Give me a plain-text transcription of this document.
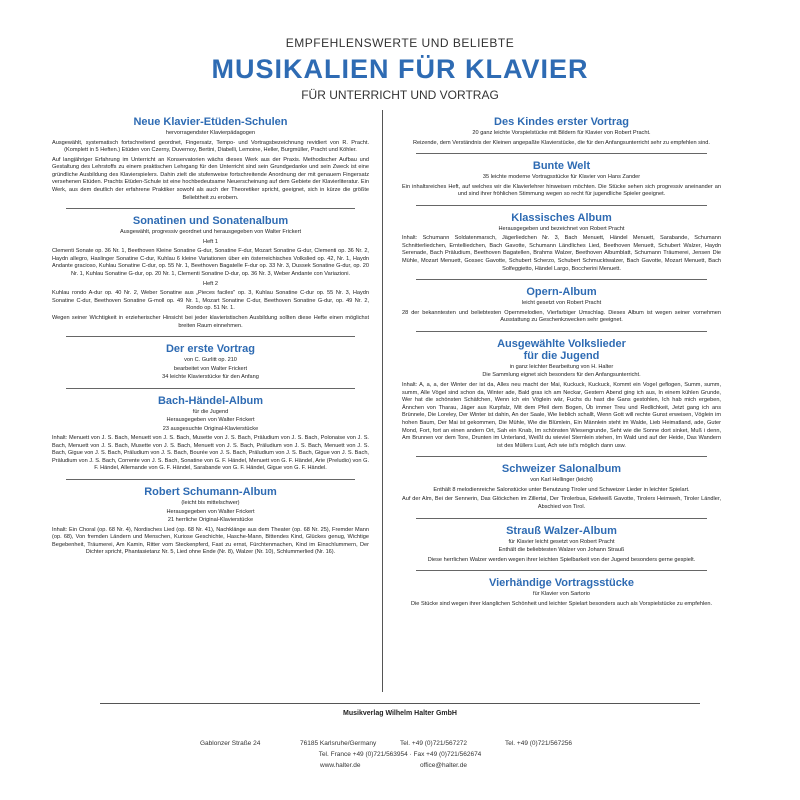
EMPFEHLENSWERTE UND BELIEBTE
MUSIKALIEN FÜR KLAVIER
FÜR UNTERRICHT UND VORTRAG
Neue Klavier-Etüden-Schulen
hervorragendster Klavierpädagogen
Ausgewählt, systematisch fortschreitend geordnet, Fingersatz, Tempo- und Vortragsbezeichnung revidiert von R. Pracht. (Komplett in 5 Heften.) Etüden von Czerny, Duvernoy, Bertini, Diabelli, Lemoine, Heller, Burgmüller, Pracht und Köhler.
Auf langjähriger Erfahrung im Unterricht an Konservatorien wächs dieses Werk aus der Praxis. Methodischer Aufbau und Gestaltung des Lehrstoffs zu einem praktischen Lehrgang für den Unterricht sind sein Grundgedanke und sein Zweck ist eine gründliche Ausbildung des Klavierspielers. Dahin zielt die stufenweise fortschreitende Anordnung der mit genauem Fingersatz versehenen Etüden. Prachts Etüden-Schule ist eine hochbedeutsame Neuerscheinung auf dem Gebiete der Klavierliteratur. Ein Werk, aus dem deutlich der erfahrene Praktiker sowohl als auch der Theoretiker spricht, geeignet, sich in kürze die größte Beliebtheit zu erobern.
Sonatinen und Sonatenalbum
Ausgewählt, progressiv geordnet und herausgegeben von Walter Frickert
Heft 1
Clementi Sonate op. 36 Nr. 1, Beethoven Kleine Sonatine G-dur, Sonatine F-dur, Mozart Sonatine G-dur, Clementi op. 36 Nr. 2, Haydn allegro, Haslinger Sonatine C-dur, Kuhlau 6 kleine Variationen über ein österreichisches Volkslied op. 42, Nr. 1, Haydn Andante gracioso, Kuhlau Sonatine C-dur, op. 55 Nr. 1, Beethoven Bagatelle F-dur op. 33 Nr. 3, Dussek Sonatine G-dur, op. 20 Nr. 1, Kuhlau Sonatine G-dur, op. 20 Nr. 1, Clementi Sonatine D-dur, op. 36 Nr. 3, Weber Andante con Variazioni.
Heft 2
Kuhlau rondo A-dur op. 40 Nr. 2, Weber Sonatine aus „Pieces faciles" op. 3, Kuhlau Sonatine C-dur op. 55 Nr. 3, Haydn Sonatine C-dur, Beethoven Sonatine G-moll op. 49 Nr. 1, Mozart Sonatine C-dur, Beethoven Sonatine G-dur, op. 49 Nr. 2, Rondo op. 51 Nr. 1.
Wegen seiner Wichtigkeit in erzieherischer Hinsicht bei jeder klavieristischen Ausbildung sollten diese Hefte einen möglichst breiten Raum einnehmen.
Der erste Vortrag
von C. Gurlitt op. 210
bearbeitet von Walter Frickert
34 leichte Klavierstücke für den Anfang
Bach-Händel-Album
für die Jugend
Herausgegeben von Walter Frickert
23 ausgesuchte Original-Klavierstücke
Inhalt: Menuett von J. S. Bach, Menuett von J. S. Bach, Musette von J. S. Bach, Präludium von J. S. Bach, Polonaise von J. S. Bach, Menuett von J. S. Bach, Musette von J. S. Bach, Menuett von J. S. Bach, Präludium von J. S. Bach, Menuett von J. S. Bach, Gigue von J. S. Bach, Präludium von J. S. Bach, Bourée von J. S. Bach, Präludium von J. S. Bach, Gigue von J. S. Bach, Präludium von J. S. Bach, Corrente von J. S. Bach, Sonatine von G. F. Händel, Menuett von G. F. Händel, Arie (Preludio) von G. F. Händel, Allemande von G. F. Händel, Sarabande von G. F. Händel, Gigue von G. F. Händel.
Robert Schumann-Album
(leicht bis mittelschwer)
Herausgegeben von Walter Frickert
21 herrliche Original-Klavierstücke
Inhalt: Ein Choral (op. 68 Nr. 4), Nordisches Lied (op. 68 Nr. 41), Nachklänge aus dem Theater (op. 68 Nr. 25), Fremder Mann (op. 68), Von fremden Ländern und Menschen, Kuriose Geschichte, Hasche-Mann, Bittendes Kind, Glückes genug, Wichtige Begebenheit, Träumerei, Am Kamin, Ritter vom Steckenpferd, Fast zu ernst, Fürchtenmachen, Kind im Einschlummern, Der Dichter spricht, Phantasietanz Nr. 5, Lied ohne Ende (Nr. 8), Walzer (Nr. 10), Schlummerlied (Nr. 16).
Des Kindes erster Vortrag
20 ganz leichte Vorspielstücke mit Bildern für Klavier von Robert Pracht.
Reizende, dem Verständnis der Kleinen angepaßte Klavierstücke, die für den Anfangsunterricht sehr zu empfehlen sind.
Bunte Welt
35 leichte moderne Vortragsstücke für Klavier von Hans Zander
Ein inhaltsreiches Heft, auf welches wir die Klavierlehrer hinweisen möchten. Die Stücke sehen sich progressiv aneinander an und sind ihrer fröhlichen Stimmung wegen so recht für jugendliche Spieler geeignet.
Klassisches Album
Herausgegeben und bezeichnet von Robert Pracht
Inhalt: Schumann Soldatenmarsch, Jägerliedchen Nr. 3, Bach Menuett, Händel Menuett, Sarabande, Schumann Schnitterliedchen, Erntelliedchen, Bach Gavotte, Schumann Ländliches Lied, Beethoven Menuett, Schubert Walzer, Haydn Serenade, Bach Präludium, Beethoven Bagatellen, Brahms Walzer, Beethoven Albumblatt, Schumann Träumerei, Jensen Die Mühle, Mozart Menuett, Gossec Gavotte, Schubert Scherzo, Schubert Schmucktwalzer, Bach Gavotte, Mozart Menuett, Bach Solfeggietto, Händel Largo, Boccherini Menuett.
Opern-Album
leicht gesetzt von Robert Pracht
28 der bekanntesten und beliebtesten Opernmelodien, Vierfarbiger Umschlag. Dieses Album ist wegen seiner vornehmen Ausstattung zu Geschenkzwecken sehr geeignet.
Ausgewählte Volkslieder
für die Jugend
in ganz leichter Bearbeitung von H. Halter
Die Sammlung eignet sich besonders für den Anfangsunterricht.
Inhalt: A, a, a, der Winter der ist da, Alles neu macht der Mai, Kuckuck, Kuckuck, Kommt ein Vogel geflogen, Summ, summ, summ, Alle Vögel sind schon da, Winter ade, Bald gras ich am Neckar, Gestern Abend ging ich aus, In einem kühlen Grunde, Wer hat die schönsten Schäfchen, Wenn ich ein Vöglein wär, Fuchs du hast die Gans gestohlen, Ich hab mich ergeben, Ännchen von Tharau, Jäger aus Kurpfalz, Mit dem Pfeil dem Bogen, Üb immer Treu und Redlichkeit, Jetzt gang ich ans Brünnele, Die Loreley, Der Winter ist dahin, An der Saale, Wie lieblich schallt, Wenn Gott will rechte Gunst erweisen, Vöglein im hohen Baum, Der Mai ist gekommen, Die Mühle, Wie die Blümlein, Ein Männlein steht im Walde, Lieb Heimatland, ade, Guter Mond, Fort, fort an einen andern Ort, Sah ein Knab, Im schönsten Wiesengrunde, Seht wie die Sonne dort sinket, Muß i denn, Am Brunnen vor dem Tore, Drunten im Unterland, Weißt du wieviel Sternlein stehen, Im Wald und auf der Heide, Das Wandern ist des Müllers Lust, Ach wie ist's möglich dann usw.
Schweizer Salonalbum
von Karl Hellinger (leicht)
Enthält 8 melodienreiche Salonstücke unter Benutzung Tiroler und Schweizer Lieder in leichter Spielart.
Auf der Alm, Bei der Sennerin, Das Glöckchen im Zillertal, Der Tirolerbua, Edelweiß Gavotte, Tirolers Heimweh, Tiroler Ländler, Abschied von Tirol.
Strauß Walzer-Album
für Klavier leicht gesetzt von Robert Pracht
Enthält die beliebtesten Walzer von Johann Strauß
Diese herrlichen Walzer werden wegen ihrer leichten Spielbarkeit von der Jugend besonders gerne gespielt.
Vierhändige Vortragsstücke
für Klavier von Sartorio
Die Stücke sind wegen ihrer klanglichen Schönheit und leichter Spielart besonders auch als Vorspielstücke zu empfehlen.
Musikverlag Wilhelm Halter GmbH
Gablonzer Straße 24	76185 Karlsruhe/Germany	Tel. +49 (0)721/567272	Tel. +49 (0)721/567256
Tel. France +49 (0)721/563954 · Fax +49 (0)721/562674
www.halter.de	office@halter.de
